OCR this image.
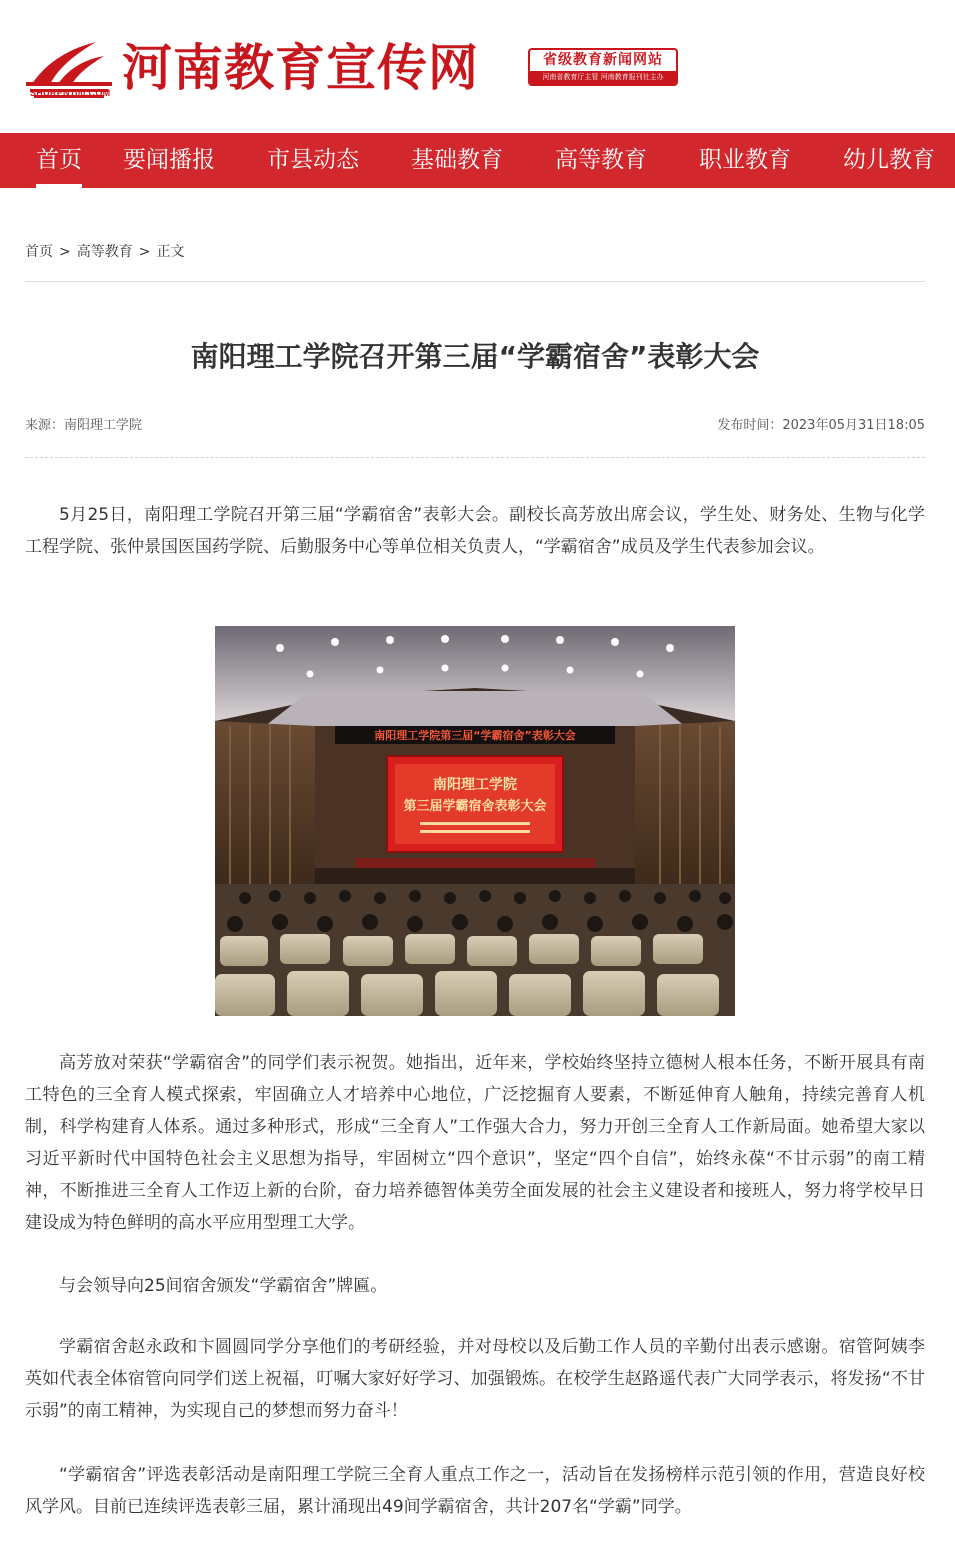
SHUREN100.COM 河南教育宣传网	省级教育新闻网站
河南省教育厅主管 河南教育报刊社主办
首页 要闻播报 市县动态 基础教育 高等教育 职业教育 幼儿教育
首页 > 高等教育 > 正文
南阳理工学院召开第三届“学霸宿舍”表彰大会
来源：南阳理工学院	发布时间：2023年05月31日18:05

5月25日，南阳理工学院召开第三届“学霸宿舍”表彰大会。副校长高芳放出席会议，学生处、财务处、生物与化学工程学院、张仲景国医国药学院、后勤服务中心等单位相关负责人，“学霸宿舍”成员及学生代表参加会议。

南阳理工学院第三届“学霸宿舍”表彰大会
南阳理工学院
第三届学霸宿舍表彰大会

高芳放对荣获“学霸宿舍”的同学们表示祝贺。她指出，近年来，学校始终坚持立德树人根本任务，不断开展具有南工特色的三全育人模式探索，牢固确立人才培养中心地位，广泛挖掘育人要素，不断延伸育人触角，持续完善育人机制，科学构建育人体系。通过多种形式，形成“三全育人”工作强大合力，努力开创三全育人工作新局面。她希望大家以习近平新时代中国特色社会主义思想为指导，牢固树立“四个意识”，坚定“四个自信”，始终永葆“不甘示弱”的南工精神，不断推进三全育人工作迈上新的台阶，奋力培养德智体美劳全面发展的社会主义建设者和接班人，努力将学校早日建设成为特色鲜明的高水平应用型理工大学。

与会领导向25间宿舍颁发“学霸宿舍”牌匾。

学霸宿舍赵永政和卞圆圆同学分享他们的考研经验，并对母校以及后勤工作人员的辛勤付出表示感谢。宿管阿姨李英如代表全体宿管向同学们送上祝福，叮嘱大家好好学习、加强锻炼。在校学生赵路遥代表广大同学表示，将发扬“不甘示弱”的南工精神，为实现自己的梦想而努力奋斗！

“学霸宿舍”评选表彰活动是南阳理工学院三全育人重点工作之一，活动旨在发扬榜样示范引领的作用，营造良好校风学风。目前已连续评选表彰三届，累计涌现出49间学霸宿舍，共计207名“学霸”同学。
